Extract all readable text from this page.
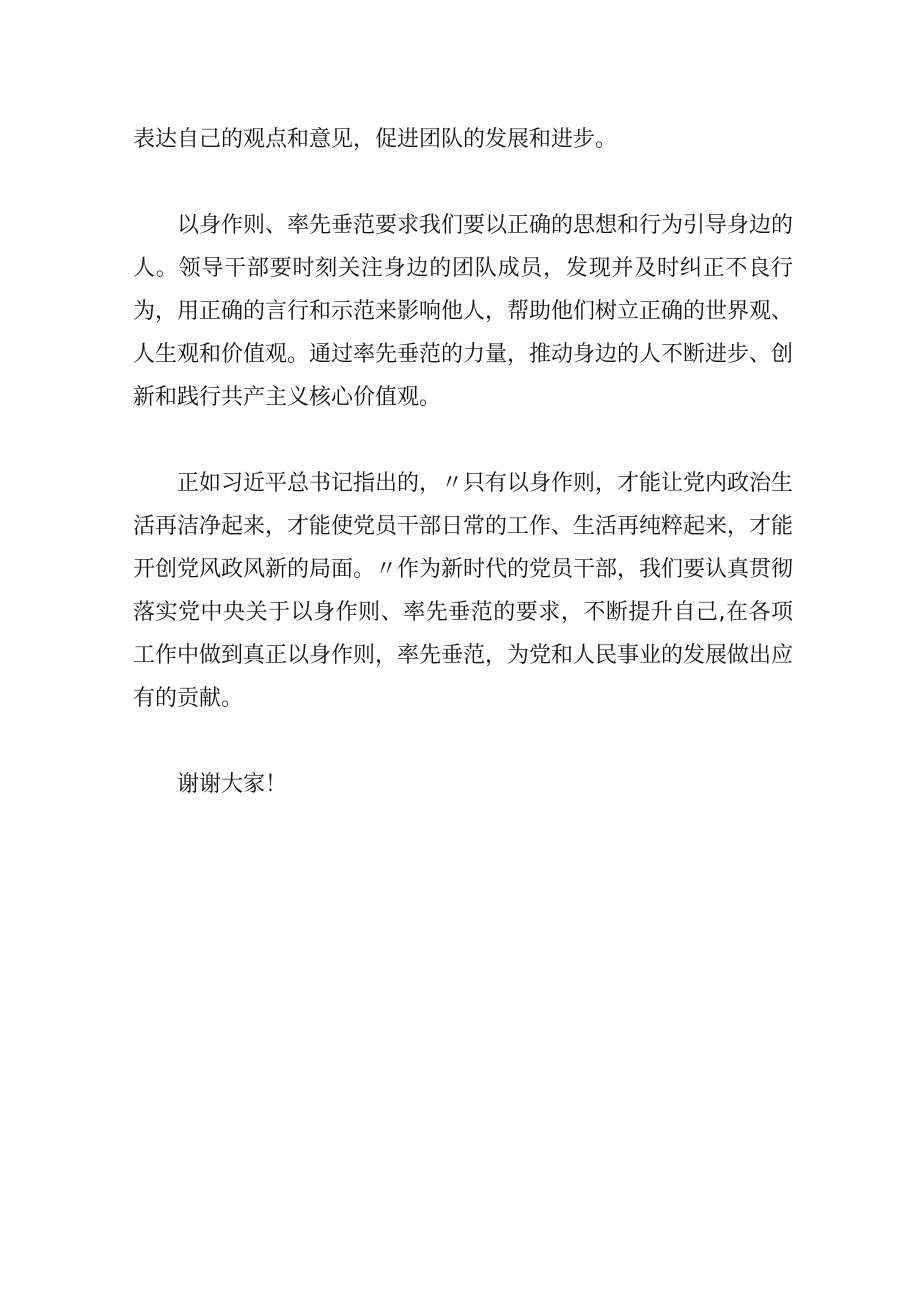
表达自己的观点和意见，促进团队的发展和进步。

以身作则、率先垂范要求我们要以正确的思想和行为引导身边的人。领导干部要时刻关注身边的团队成员，发现并及时纠正不良行为，用正确的言行和示范来影响他人，帮助他们树立正确的世界观、人生观和价值观。通过率先垂范的力量，推动身边的人不断进步、创新和践行共产主义核心价值观。

正如习近平总书记指出的，〃只有以身作则，才能让党内政治生活再洁净起来，才能使党员干部日常的工作、生活再纯粹起来，才能开创党风政风新的局面。〃作为新时代的党员干部，我们要认真贯彻落实党中央关于以身作则、率先垂范的要求，不断提升自己,在各项工作中做到真正以身作则，率先垂范，为党和人民事业的发展做出应有的贡献。

谢谢大家！
